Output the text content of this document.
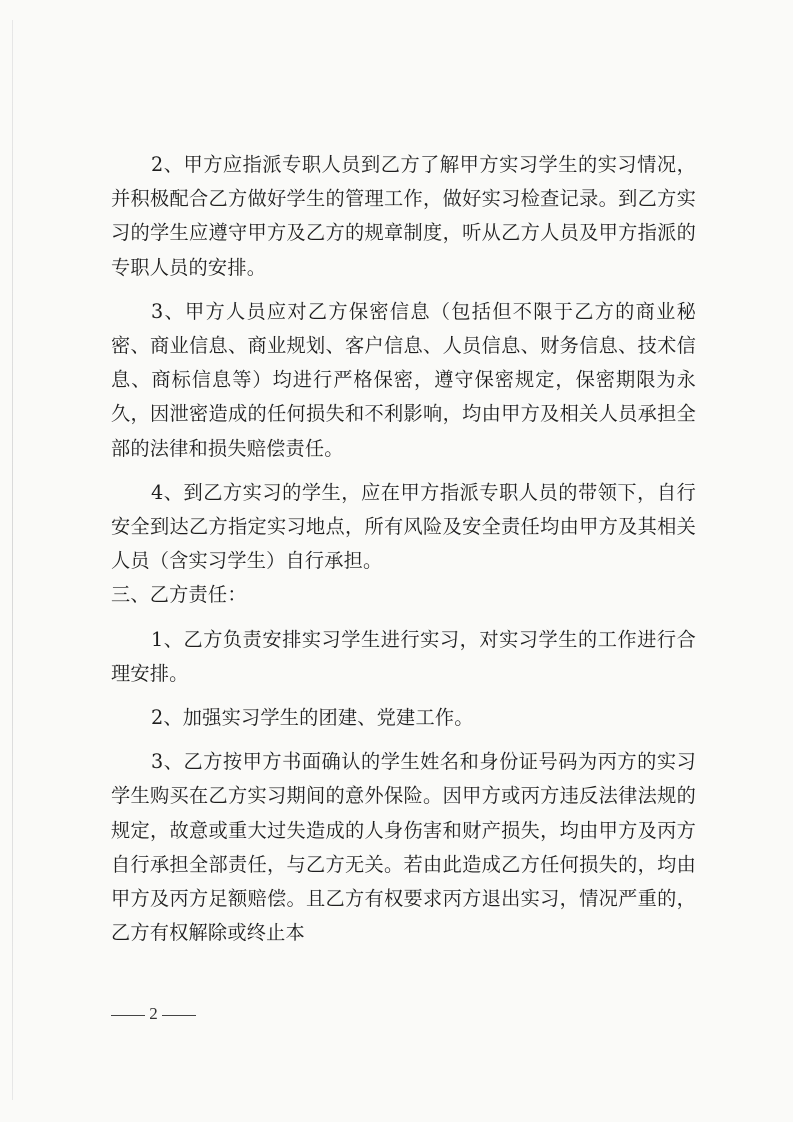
2、甲方应指派专职人员到乙方了解甲方实习学生的实习情况，并积极配合乙方做好学生的管理工作，做好实习检查记录。到乙方实习的学生应遵守甲方及乙方的规章制度，听从乙方人员及甲方指派的专职人员的安排。

3、甲方人员应对乙方保密信息（包括但不限于乙方的商业秘密、商业信息、商业规划、客户信息、人员信息、财务信息、技术信息、商标信息等）均进行严格保密，遵守保密规定，保密期限为永久，因泄密造成的任何损失和不利影响，均由甲方及相关人员承担全部的法律和损失赔偿责任。

4、到乙方实习的学生，应在甲方指派专职人员的带领下，自行安全到达乙方指定实习地点，所有风险及安全责任均由甲方及其相关人员（含实习学生）自行承担。

三、乙方责任：

1、乙方负责安排实习学生进行实习，对实习学生的工作进行合理安排。

2、加强实习学生的团建、党建工作。

3、乙方按甲方书面确认的学生姓名和身份证号码为丙方的实习学生购买在乙方实习期间的意外保险。因甲方或丙方违反法律法规的规定，故意或重大过失造成的人身伤害和财产损失，均由甲方及丙方自行承担全部责任，与乙方无关。若由此造成乙方任何损失的，均由甲方及丙方足额赔偿。且乙方有权要求丙方退出实习，情况严重的，乙方有权解除或终止本

2
